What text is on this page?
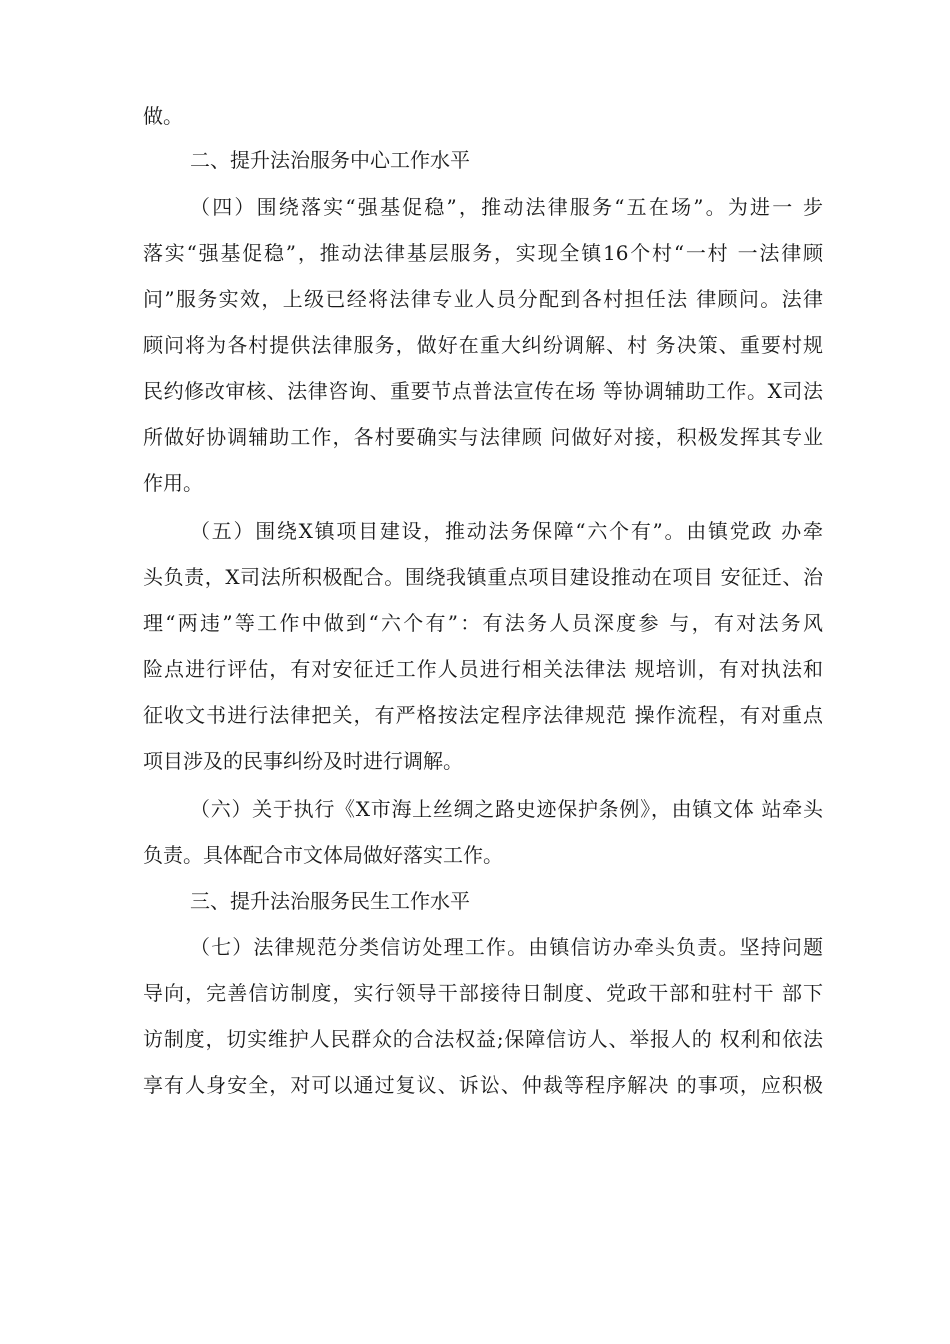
做。
二、提升法治服务中心工作水平
（四）围绕落实“强基促稳”，推动法律服务“五在场”。为进一 步
落实“强基促稳”，推动法律基层服务，实现全镇16个村“一村 一法律顾
问”服务实效，上级已经将法律专业人员分配到各村担任法 律顾问。法律
顾问将为各村提供法律服务，做好在重大纠纷调解、村 务决策、重要村规
民约修改审核、法律咨询、重要节点普法宣传在场 等协调辅助工作。X司法
所做好协调辅助工作，各村要确实与法律顾 问做好对接，积极发挥其专业
作用。
（五）围绕X镇项目建设，推动法务保障“六个有”。由镇党政 办牵
头负责，X司法所积极配合。围绕我镇重点项目建设推动在项目 安征迁、治
理“两违”等工作中做到“六个有”：有法务人员深度参 与，有对法务风
险点进行评估，有对安征迁工作人员进行相关法律法 规培训，有对执法和
征收文书进行法律把关，有严格按法定程序法律规范 操作流程，有对重点
项目涉及的民事纠纷及时进行调解。
（六）关于执行《X市海上丝绸之路史迹保护条例》，由镇文体 站牵头
负责。具体配合市文体局做好落实工作。
三、提升法治服务民生工作水平
（七）法律规范分类信访处理工作。由镇信访办牵头负责。坚持问题
导向，完善信访制度，实行领导干部接待日制度、党政干部和驻村干 部下
访制度，切实维护人民群众的合法权益;保障信访人、举报人的 权利和依法
享有人身安全，对可以通过复议、诉讼、仲裁等程序解决 的事项，应积极
